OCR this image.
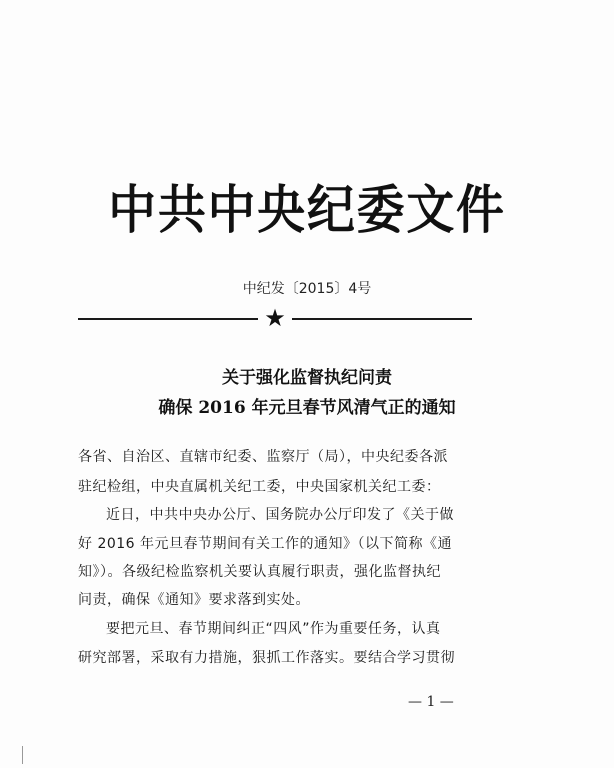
中共中央纪委文件
中纪发〔2015〕4号
★
关于强化监督执纪问责
确保 2016 年元旦春节风清气正的通知
各省、自治区、直辖市纪委、监察厅（局），中央纪委各派
驻纪检组，中央直属机关纪工委，中央国家机关纪工委：
近日，中共中央办公厅、国务院办公厅印发了《关于做
好 2016 年元旦春节期间有关工作的通知》（以下简称《通
知》）。各级纪检监察机关要认真履行职责，强化监督执纪
问责，确保《通知》要求落到实处。
要把元旦、春节期间纠正“四风”作为重要任务，认真
研究部署，采取有力措施，狠抓工作落实。要结合学习贯彻
— 1 —
